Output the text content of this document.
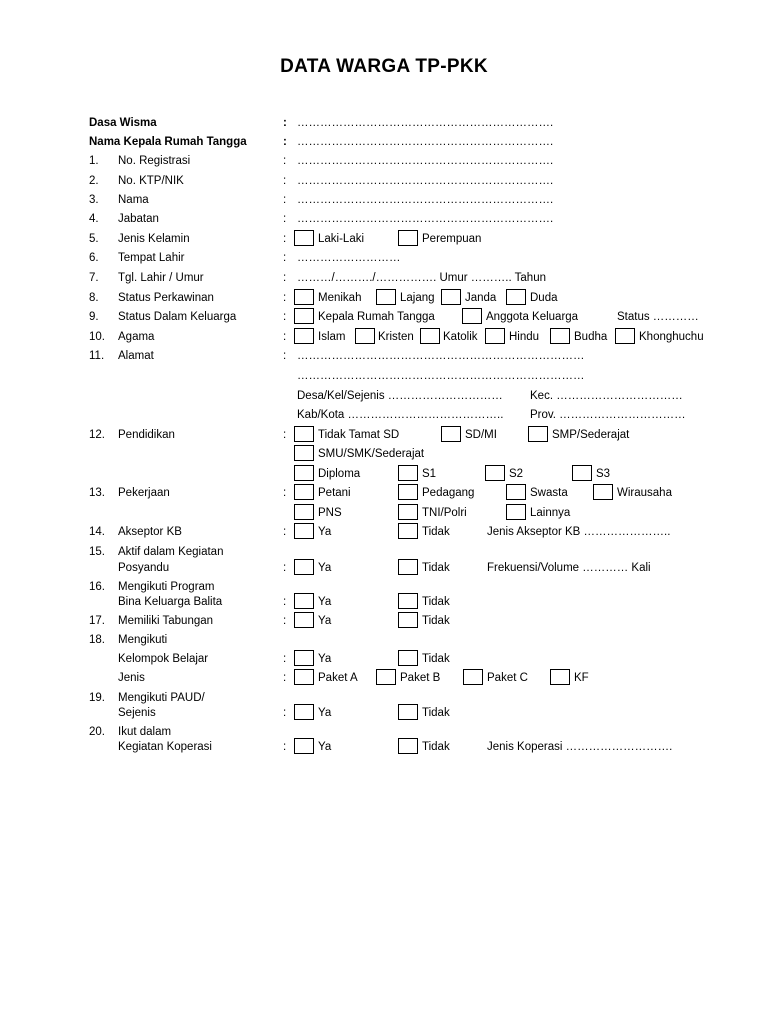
DATA WARGA TP-PKK
Dasa Wisma	: ………………………………………………………….
Nama Kepala Rumah Tangga	: ………………………………………………………….
1. No. Registrasi	: ………………………………………………………….
2. No. KTP/NIK	: ………………………………………………………….
3. Nama	: ………………………………………………………….
4. Jabatan	: ………………………………………………………….
5. Jenis Kelamin	:	Laki-Laki	Perempuan
6. Tempat Lahir	: ………………………
7. Tgl. Lahir / Umur	: ………/………./……………. Umur ……….. Tahun
8. Status Perkawinan	:	Menikah	Lajang	Janda	Duda
9. Status Dalam Keluarga	:	Kepala Rumah Tangga	Anggota Keluarga	Status …………
10. Agama	:	Islam	Kristen	Katolik	Hindu	Budha	Khonghuchu
11. Alamat	: …………………………………………………………………
…………………………………………………………………
Desa/Kel/Sejenis ………………………… Kec. ……………………………
Kab/Kota ………………………………….. Prov. ……………………………
12. Pendidikan	:	Tidak Tamat SD	SD/MI	SMP/Sederajat
SMU/SMK/Sederajat
Diploma	S1	S2	S3
13. Pekerjaan	:	Petani	Pedagang	Swasta	Wirausaha
PNS	TNI/Polri	Lainnya
14. Akseptor KB	:	Ya	Tidak	Jenis Akseptor KB …………………..
15. Aktif dalam Kegiatan
Posyandu	:	Ya	Tidak	Frekuensi/Volume ………… Kali
16. Mengikuti Program
Bina Keluarga Balita	:	Ya	Tidak
17. Memiliki Tabungan	:	Ya	Tidak
18. Mengikuti
Kelompok Belajar	:	Ya	Tidak
Jenis	:	Paket A	Paket B	Paket C	KF
19. Mengikuti PAUD/
Sejenis	:	Ya	Tidak
20. Ikut dalam
Kegiatan Koperasi	:	Ya	Tidak	Jenis Koperasi ……………………….
